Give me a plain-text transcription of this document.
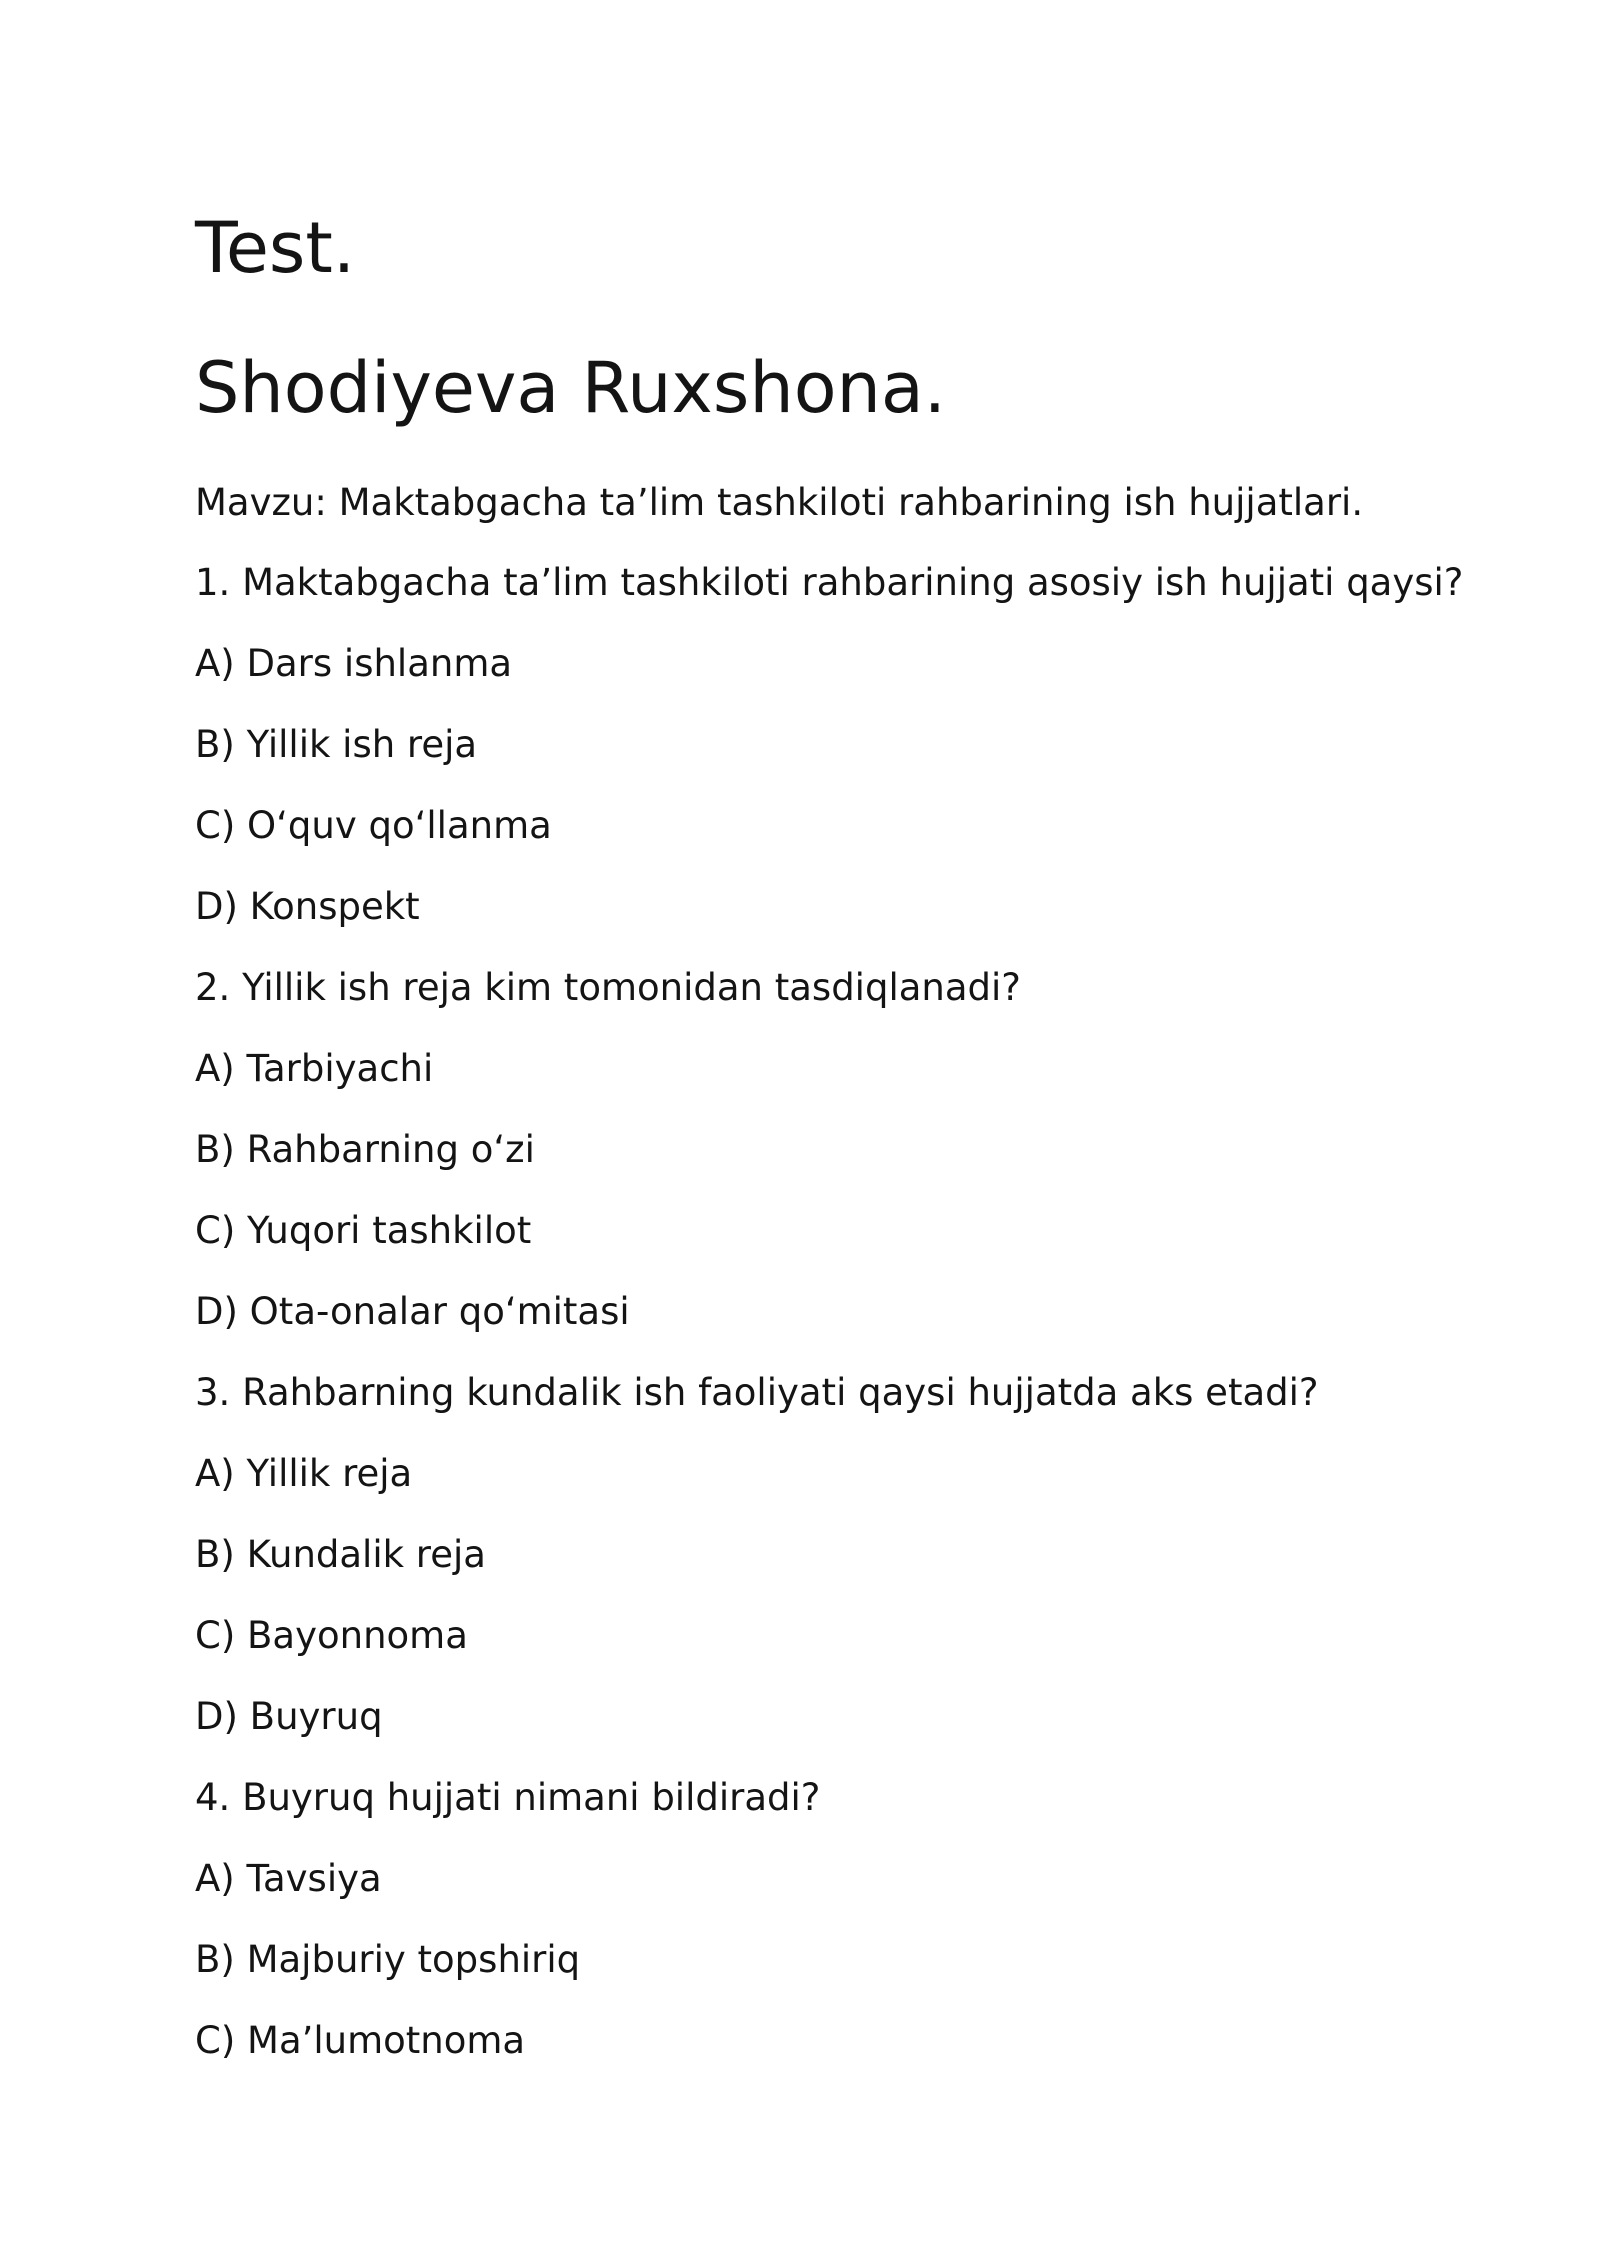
Test.
Shodiyeva Ruxshona.
Mavzu: Maktabgacha ta’lim tashkiloti rahbarining ish hujjatlari.
1. Maktabgacha ta’lim tashkiloti rahbarining asosiy ish hujjati qaysi?
A) Dars ishlanma
B) Yillik ish reja
C) O‘quv qo‘llanma
D) Konspekt
2. Yillik ish reja kim tomonidan tasdiqlanadi?
A) Tarbiyachi
B) Rahbarning o‘zi
C) Yuqori tashkilot
D) Ota-onalar qo‘mitasi
3. Rahbarning kundalik ish faoliyati qaysi hujjatda aks etadi?
A) Yillik reja
B) Kundalik reja
C) Bayonnoma
D) Buyruq
4. Buyruq hujjati nimani bildiradi?
A) Tavsiya
B) Majburiy topshiriq
C) Ma’lumotnoma
